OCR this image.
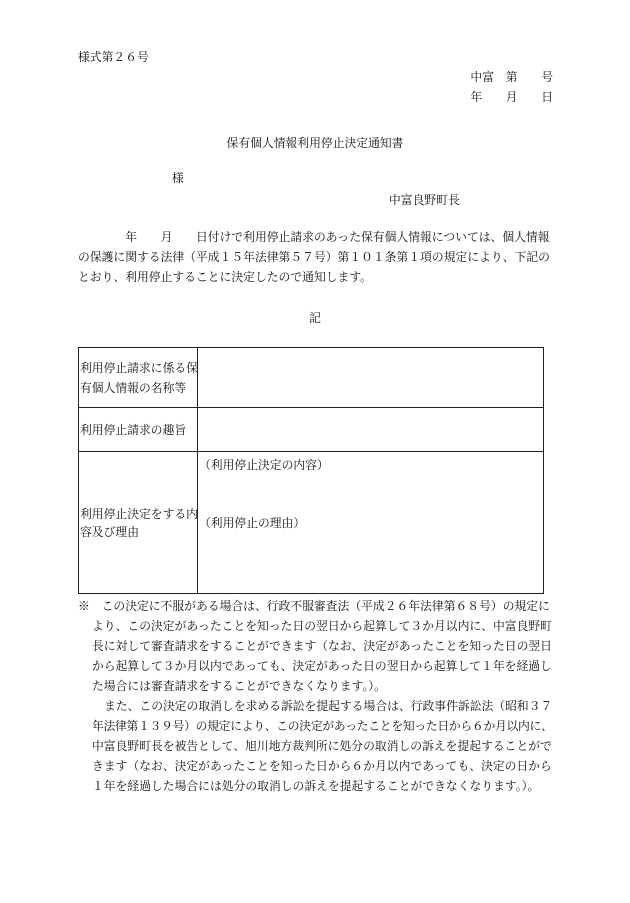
様式第２６号
中富　第　　号
年　　月　　日
保有個人情報利用停止決定通知書
様
中富良野町長
　　　　年　　月　　日付けで利用停止請求のあった保有個人情報については、個人情報
の保護に関する法律（平成１５年法律第５７号）第１０１条第１項の規定により、下記の
とおり、利用停止することに決定したので通知します。
記
利用停止請求に係る保
有個人情報の名称等
利用停止請求の趣旨
利用停止決定をする内
容及び理由
（利用停止決定の内容）
（利用停止の理由）
※　この決定に不服がある場合は、行政不服審査法（平成２６年法律第６８号）の規定に
より、この決定があったことを知った日の翌日から起算して３か月以内に、中富良野町
長に対して審査請求をすることができます（なお、決定があったことを知った日の翌日
から起算して３か月以内であっても、決定があった日の翌日から起算して１年を経過し
た場合には審査請求をすることができなくなります。）。
また、この決定の取消しを求める訴訟を提起する場合は、行政事件訴訟法（昭和３７
年法律第１３９号）の規定により、この決定があったことを知った日から６か月以内に、
中富良野町長を被告として、旭川地方裁判所に処分の取消しの訴えを提起することがで
きます（なお、決定があったことを知った日から６か月以内であっても、決定の日から
１年を経過した場合には処分の取消しの訴えを提起することができなくなります。）。
